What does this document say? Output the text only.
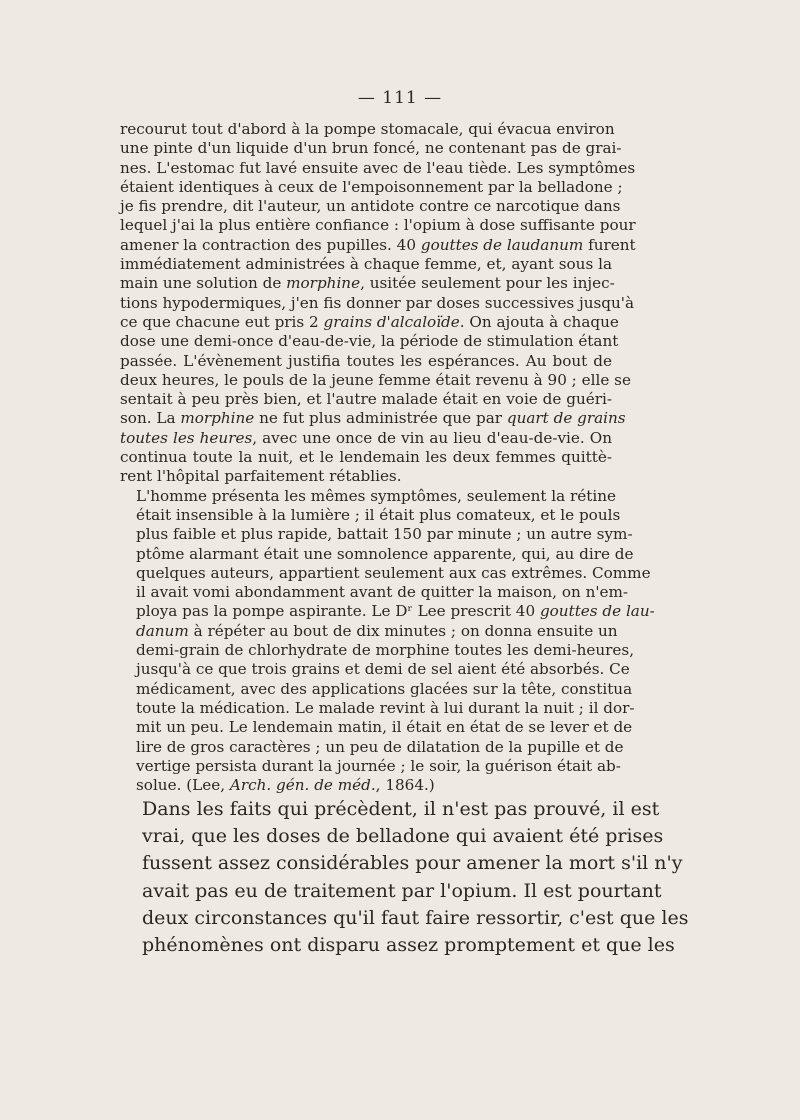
— 111 —

recourut tout d'abord à la pompe stomacale, qui évacua environ
une pinte d'un liquide d'un brun foncé, ne contenant pas de grai-
nes. L'estomac fut lavé ensuite avec de l'eau tiède. Les symptômes
étaient identiques à ceux de l'empoisonnement par la belladone ;
je fis prendre, dit l'auteur, un antidote contre ce narcotique dans
lequel j'ai la plus entière confiance : l'opium à dose suffisante pour
amener la contraction des pupilles. 40 gouttes de laudanum furent
immédiatement administrées à chaque femme, et, ayant sous la
main une solution de morphine, usitée seulement pour les injec-
tions hypodermiques, j'en fis donner par doses successives jusqu'à
ce que chacune eut pris 2 grains d'alcaloïde. On ajouta à chaque
dose une demi-once d'eau-de-vie, la période de stimulation étant
passée. L'évènement justifia toutes les espérances. Au bout de
deux heures, le pouls de la jeune femme était revenu à 90 ; elle se
sentait à peu près bien, et l'autre malade était en voie de guéri-
son. La morphine ne fut plus administrée que par quart de grains
toutes les heures, avec une once de vin au lieu d'eau-de-vie. On
continua toute la nuit, et le lendemain les deux femmes quittè-
rent l'hôpital parfaitement rétablies.

L'homme présenta les mêmes symptômes, seulement la rétine
était insensible à la lumière ; il était plus comateux, et le pouls
plus faible et plus rapide, battait 150 par minute ; un autre sym-
ptôme alarmant était une somnolence apparente, qui, au dire de
quelques auteurs, appartient seulement aux cas extrêmes. Comme
il avait vomi abondamment avant de quitter la maison, on n'em-
ploya pas la pompe aspirante. Le Dʳ Lee prescrit 40 gouttes de lau-
danum à répéter au bout de dix minutes ; on donna ensuite un
demi-grain de chlorhydrate de morphine toutes les demi-heures,
jusqu'à ce que trois grains et demi de sel aient été absorbés. Ce
médicament, avec des applications glacées sur la tête, constitua
toute la médication. Le malade revint à lui durant la nuit ; il dor-
mit un peu. Le lendemain matin, il était en état de se lever et de
lire de gros caractères ; un peu de dilatation de la pupille et de
vertige persista durant la journée ; le soir, la guérison était ab-
solue. (Lee, Arch. gén. de méd., 1864.)

Dans les faits qui précèdent, il n'est pas prouvé, il est
vrai, que les doses de belladone qui avaient été prises
fussent assez considérables pour amener la mort s'il n'y
avait pas eu de traitement par l'opium. Il est pourtant
deux circonstances qu'il faut faire ressortir, c'est que les
phénomènes ont disparu assez promptement et que les
